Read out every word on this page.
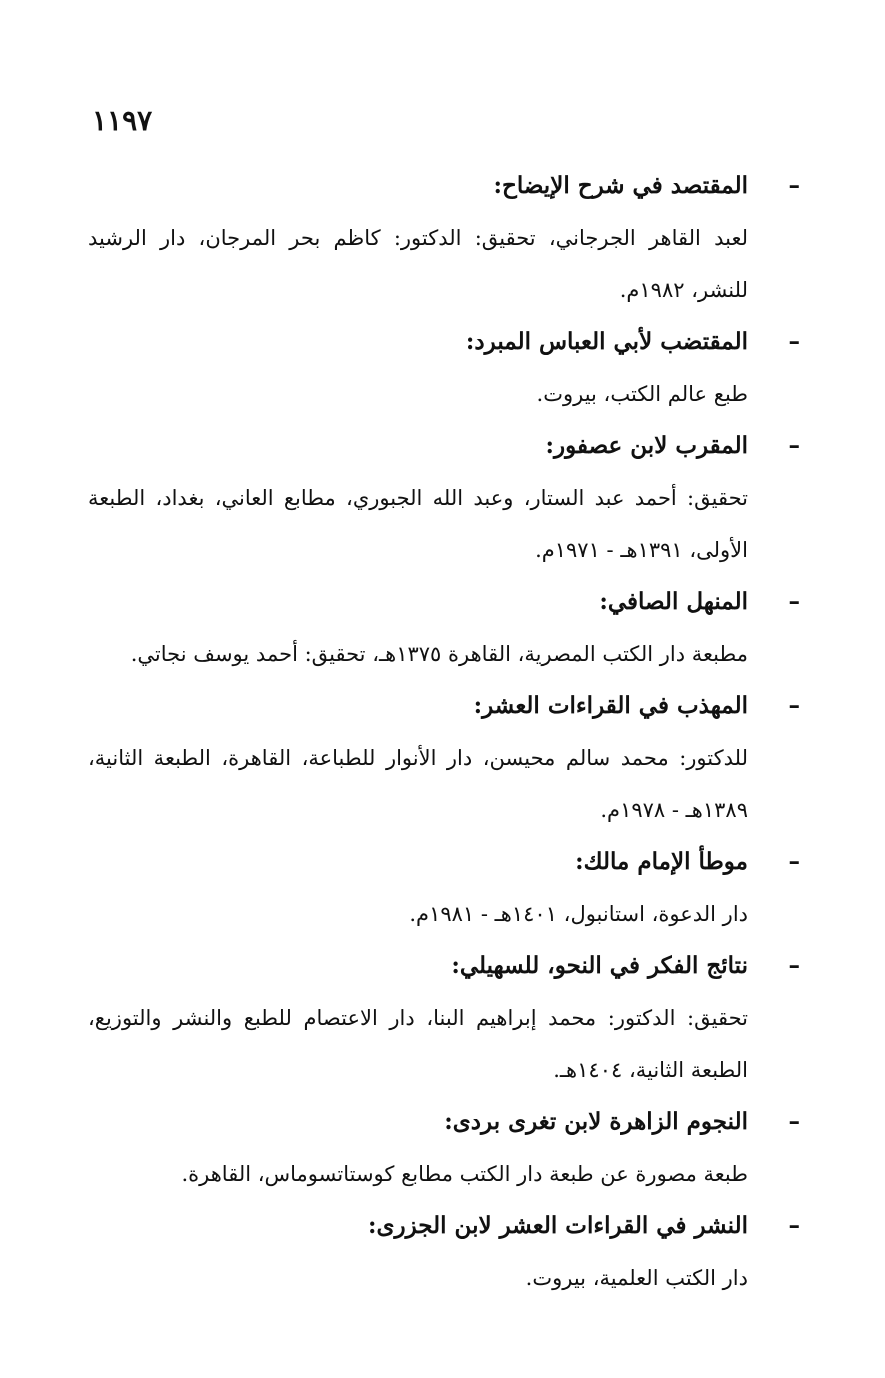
١١٩٧
–
المقتصد في شرح الإيضاح:
لعبد القاهر الجرجاني، تحقيق: الدكتور: كاظم بحر المرجان، دار الرشيد
للنشر، ١٩٨٢م.
–
المقتضب لأبي العباس المبرد:
طبع عالم الكتب، بيروت.
–
المقرب لابن عصفور:
تحقيق: أحمد عبد الستار، وعبد الله الجبوري، مطابع العاني، بغداد، الطبعة
الأولى، ١٣٩١هـ - ١٩٧١م.
–
المنهل الصافي:
مطبعة دار الكتب المصرية، القاهرة ١٣٧٥هـ، تحقيق: أحمد يوسف نجاتي.
–
المهذب في القراءات العشر:
للدكتور: محمد سالم محيسن، دار الأنوار للطباعة، القاهرة، الطبعة الثانية،
١٣٨٩هـ - ١٩٧٨م.
–
موطأ الإمام مالك:
دار الدعوة، استانبول، ١٤٠١هـ - ١٩٨١م.
–
نتائج الفكر في النحو، للسهيلي:
تحقيق: الدكتور: محمد إبراهيم البنا، دار الاعتصام للطبع والنشر والتوزيع،
الطبعة الثانية، ١٤٠٤هـ.
–
النجوم الزاهرة لابن تغرى بردى:
طبعة مصورة عن طبعة دار الكتب مطابع كوستاتسوماس، القاهرة.
–
النشر في القراءات العشر لابن الجزرى:
دار الكتب العلمية، بيروت.
